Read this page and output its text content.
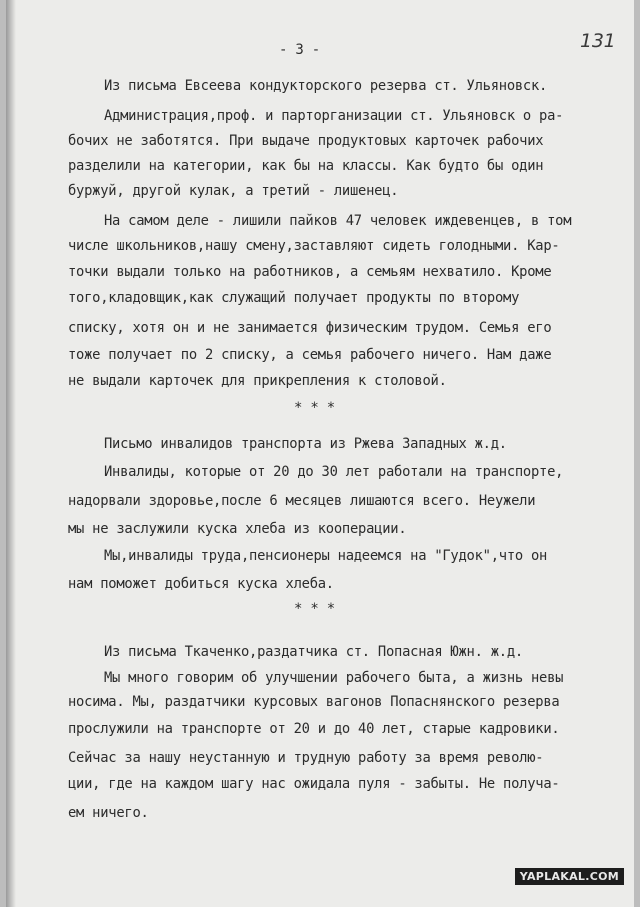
- 3 -	131
Из письма Евсеева кондукторского резерва ст. Ульяновск.
Администрация,проф. и парторганизации ст. Ульяновск о ра-
бочих не заботятся. При выдаче продуктовых карточек рабочих
разделили на категории, как бы на классы. Как будто бы один
буржуй, другой кулак, а третий - лишенец.
На самом деле - лишили пайков 47 человек иждевенцев, в том
числе школьников,нашу смену,заставляют сидеть голодными. Кар-
точки выдали только на работников, а семьям нехватило. Кроме
того,кладовщик,как служащий получает продукты по второму
списку, хотя он и не занимается физическим трудом. Семья его
тоже получает по 2 списку, а семья рабочего ничего. Нам даже
не выдали карточек для прикрепления к столовой.
* * *
Письмо инвалидов транспорта из Ржева Западных ж.д.
Инвалиды, которые от 20 до 30 лет работали на транспорте,
надорвали здоровье,после 6 месяцев лишаются всего. Неужели
мы не заслужили куска хлеба из кооперации.
Мы,инвалиды труда,пенсионеры надеемся на "Гудок",что он
нам поможет добиться куска хлеба.
* * *
Из письма Ткаченко,раздатчика ст. Попасная Южн. ж.д.
Мы много говорим об улучшении рабочего быта, а жизнь невы
носима. Мы, раздатчики курсовых вагонов Попаснянского резерва
прослужили на транспорте от 20 и до 40 лет, старые кадровики.
Сейчас за нашу неустанную и трудную работу за время револю-
ции, где на каждом шагу нас ожидала пуля - забыты. Не получа-
ем ничего.
YAPLAKAL.COM
